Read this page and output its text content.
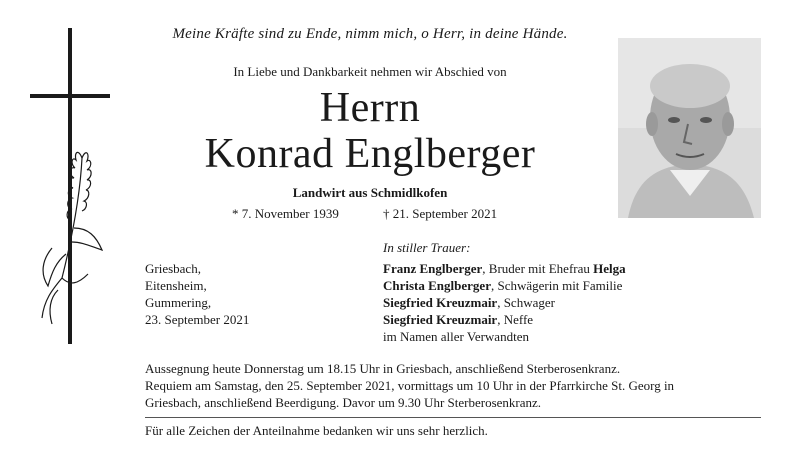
Meine Kräfte sind zu Ende, nimm mich, o Herr, in deine Hände.
In Liebe und Dankbarkeit nehmen wir Abschied von
Herrn
Konrad Englberger
Landwirt aus Schmidlkofen
* 7. November 1939	† 21. September 2021
Griesbach,
Eitensheim,
Gummering,
23. September 2021
In stiller Trauer:
Franz Englberger, Bruder mit Ehefrau Helga
Christa Englberger, Schwägerin mit Familie
Siegfried Kreuzmair, Schwager
Siegfried Kreuzmair, Neffe
im Namen aller Verwandten
Aussegnung heute Donnerstag um 18.15 Uhr in Griesbach, anschließend Sterberosenkranz.
Requiem am Samstag, den 25. September 2021, vormittags um 10 Uhr in der Pfarrkirche St. Georg in
Griesbach, anschließend Beerdigung. Davor um 9.30 Uhr Sterberosenkranz.
Für alle Zeichen der Anteilnahme bedanken wir uns sehr herzlich.
